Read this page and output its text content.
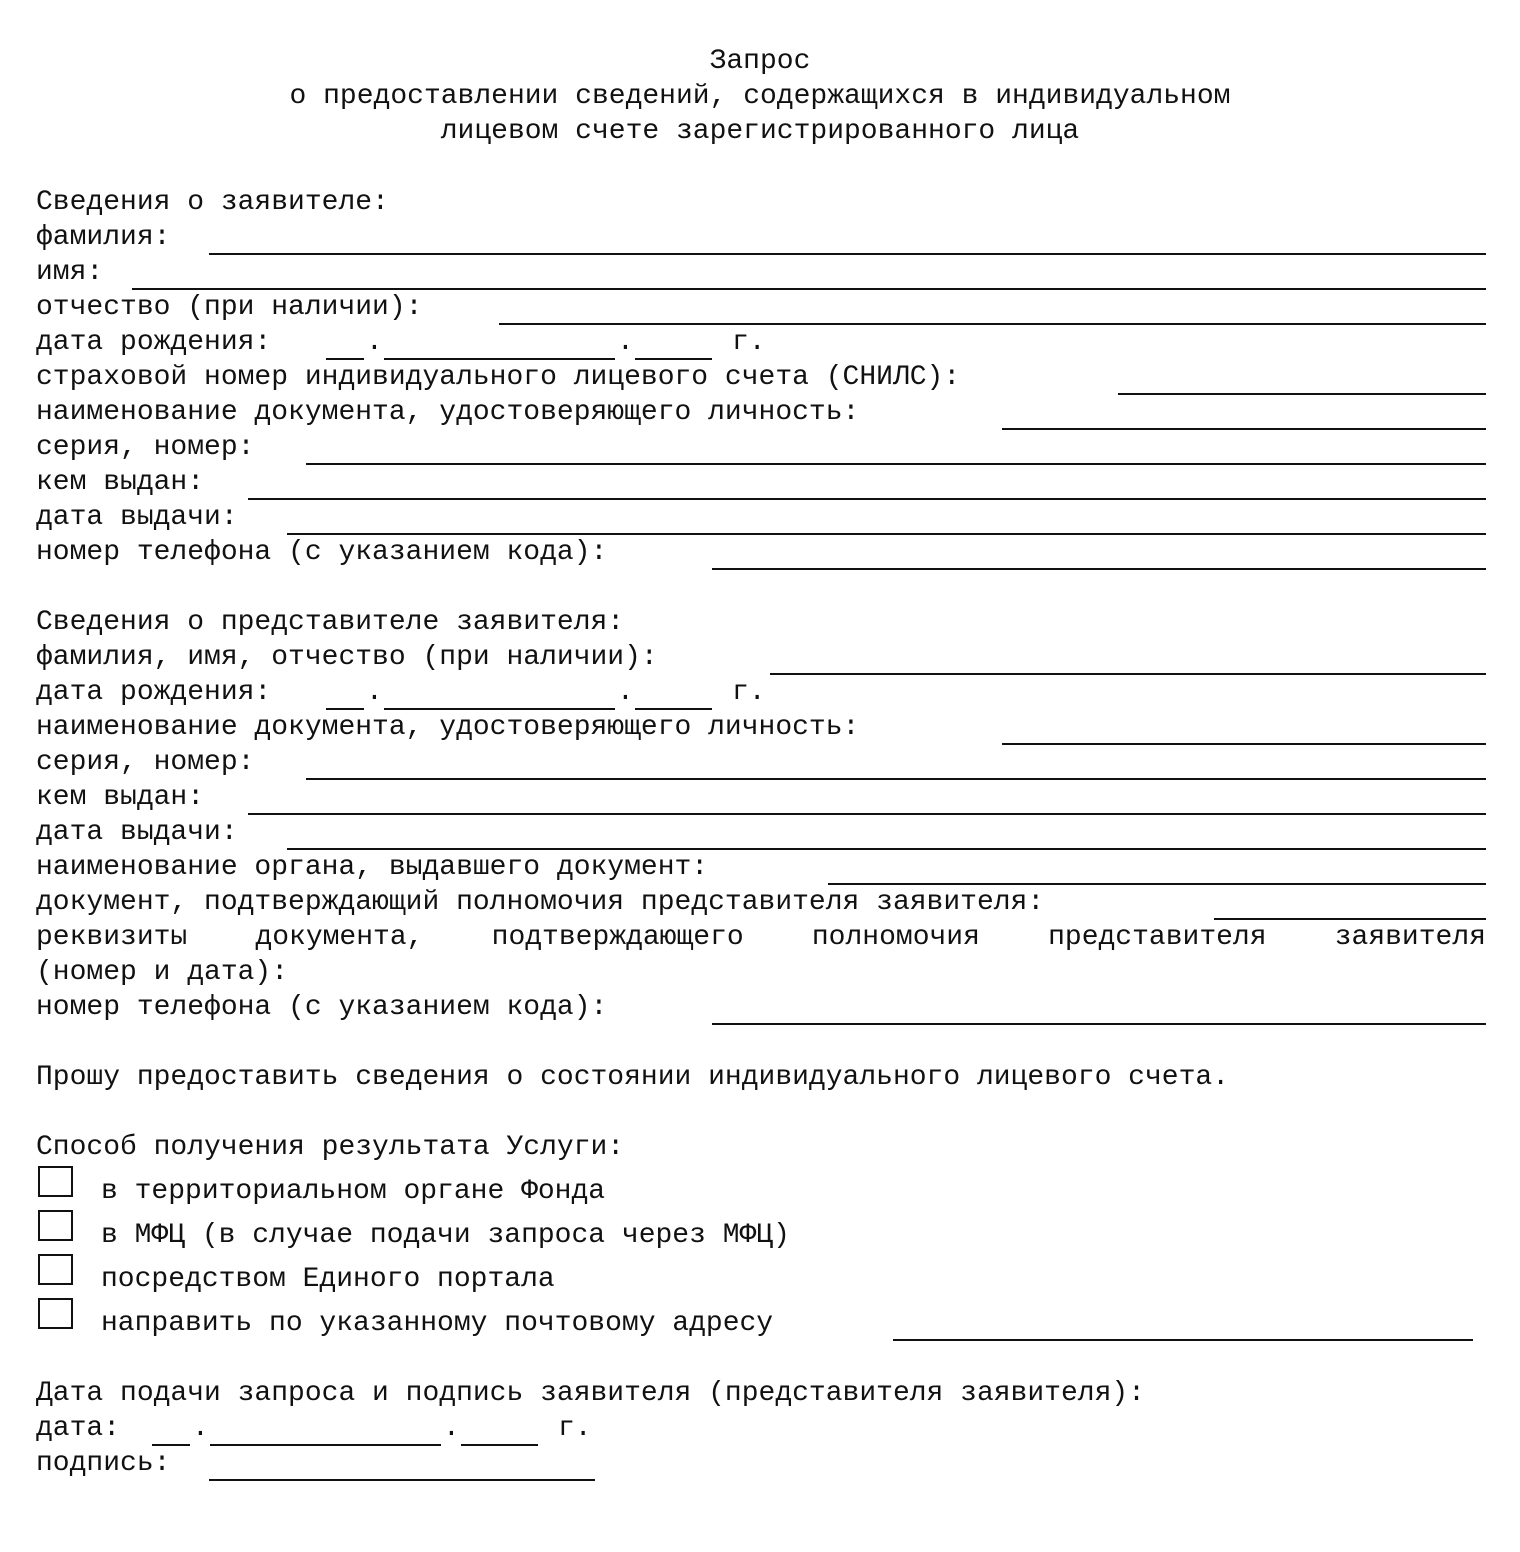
Запрос
о предоставлении сведений, содержащихся в индивидуальном
лицевом счете зарегистрированного лица
Сведения о заявителе:
фамилия:
имя:
отчество (при наличии):
дата рождения:	.	.	г.
страховой номер индивидуального лицевого счета (СНИЛС):
наименование документа, удостоверяющего личность:
серия, номер:
кем выдан:
дата выдачи:
номер телефона (с указанием кода):
Сведения о представителе заявителя:
фамилия, имя, отчество (при наличии):
дата рождения:	.	.	г.
наименование документа, удостоверяющего личность:
серия, номер:
кем выдан:
дата выдачи:
наименование органа, выдавшего документ:
документ, подтверждающий полномочия представителя заявителя:
реквизиты документа, подтверждающего полномочия представителя заявителя
(номер и дата):
номер телефона (с указанием кода):
Прошу предоставить сведения о состоянии индивидуального лицевого счета.
Способ получения результата Услуги:
в территориальном органе Фонда
в МФЦ (в случае подачи запроса через МФЦ)
посредством Единого портала
направить по указанному почтовому адресу
Дата подачи запроса и подпись заявителя (представителя заявителя):
дата:	.	.	г.
подпись:
